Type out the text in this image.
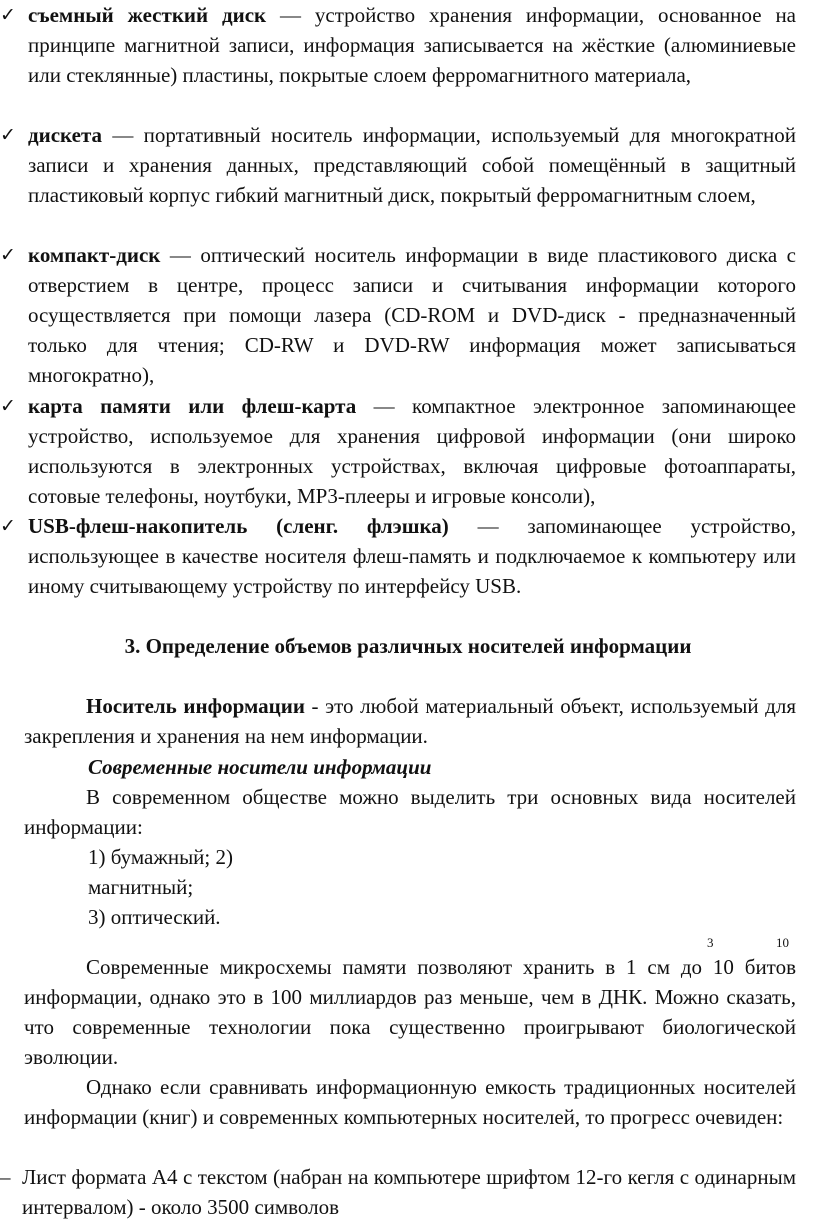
✓ съемный жесткий диск — устройство хранения информации, основанное на принципе магнитной записи, информация записывается на жёсткие (алюминиевые или стеклянные) пластины, покрытые слоем ферромагнитного материала,
✓ дискета — портативный носитель информации, используемый для многократной записи и хранения данных, представляющий собой помещённый в защитный пластиковый корпус гибкий магнитный диск, покрытый ферромагнитным слоем,
✓ компакт-диск — оптический носитель информации в виде пластикового диска с отверстием в центре, процесс записи и считывания информации которого осуществляется при помощи лазера (CD-ROM и DVD-диск - предназначенный только для чтения; CD-RW и DVD-RW информация может записываться многократно),
✓ карта памяти или флеш-карта — компактное электронное запоминающее устройство, используемое для хранения цифровой информации (они широко используются в электронных устройствах, включая цифровые фотоаппараты, сотовые телефоны, ноутбуки, MP3-плееры и игровые консоли),
✓ USB-флеш-накопитель (сленг. флэшка) — запоминающее устройство, использующее в качестве носителя флеш-память и подключаемое к компьютеру или иному считывающему устройству по интерфейсу USB.
3. Определение объемов различных носителей информации
Носитель информации - это любой материальный объект, используемый для закрепления и хранения на нем информации.
Современные носители информации
В современном обществе можно выделить три основных вида носителей информации:
1) бумажный; 2)
магнитный;
3) оптический.
3	10
Современные микросхемы памяти позволяют хранить в 1 см до 10 битов информации, однако это в 100 миллиардов раз меньше, чем в ДНК. Можно сказать, что современные технологии пока существенно проигрывают биологической эволюции.
Однако если сравнивать информационную емкость традиционных носителей информации (книг) и современных компьютерных носителей, то прогресс очевиден:
– Лист формата А4 с текстом (набран на компьютере шрифтом 12-го кегля с одинарным интервалом) - около 3500 символов
